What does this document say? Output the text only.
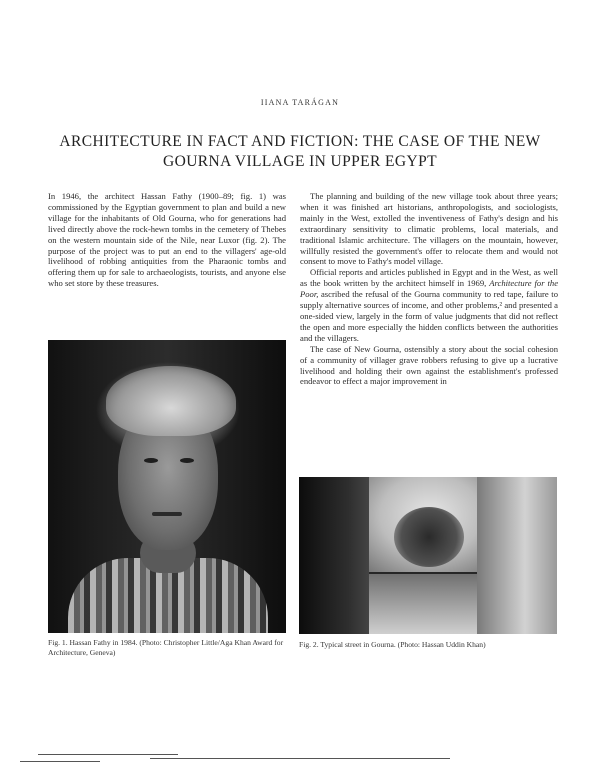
IIANA TARÁGAN
ARCHITECTURE IN FACT AND FICTION: THE CASE OF THE NEW
GOURNA VILLAGE IN UPPER EGYPT

In 1946, the architect Hassan Fathy (1900–89; fig. 1) was commissioned by the Egyptian government to plan and build a new village for the inhabitants of Old Gourna, who for generations had lived directly above the rock-hewn tombs in the cemetery of Thebes on the western mountain side of the Nile, near Luxor (fig. 2). The purpose of the project was to put an end to the villagers' age-old livelihood of robbing antiquities from the Pharaonic tombs and offering them up for sale to archaeologists, tourists, and anyone else who set store by these treasures.

The planning and building of the new village took about three years; when it was finished art historians, anthropologists, and sociologists, mainly in the West, extolled the inventiveness of Fathy's design and his extraordinary sensitivity to climatic problems, local materials, and traditional Islamic architecture. The villagers on the mountain, however, willfully resisted the government's offer to relocate them and would not consent to move to Fathy's model village.

Official reports and articles published in Egypt and in the West, as well as the book written by the architect himself in 1969, Architecture for the Poor, ascribed the refusal of the Gourna community to red tape, failure to supply alternative sources of income, and other problems,² and presented a one-sided view, largely in the form of value judgments that did not reflect the open and more especially the hidden conflicts between the authorities and the villagers.

The case of New Gourna, ostensibly a story about the social cohesion of a community of villager grave robbers refusing to give up a lucrative livelihood and holding their own against the establishment's professed endeavor to effect a major improvement in

Fig. 1. Hassan Fathy in 1984. (Photo: Christopher Little/Aga Khan Award for Architecture, Geneva)
Fig. 2. Typical street in Gourna. (Photo: Hassan Uddin Khan)
